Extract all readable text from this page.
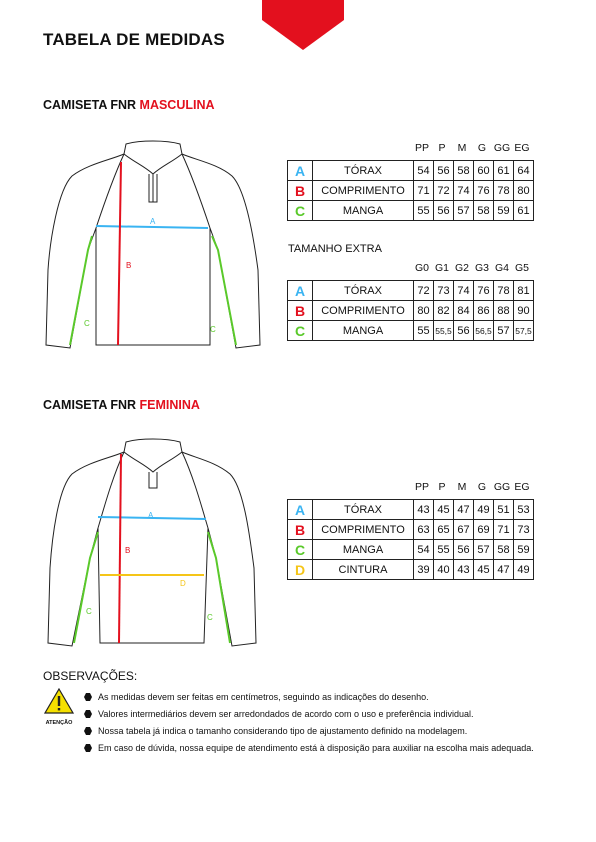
TABELA DE MEDIDAS
CAMISETA FNR MASCULINA
A
B
C
C
PP P	M	G GG EG
A	TÓRAX	54	56	58	60	61	64
B	COMPRIMENTO	71	72	74	76	78	80
C	MANGA	55	56	57	58	59	61
TAMANHO EXTRA
G0 G1 G2 G3 G4 G5
A	TÓRAX	72	73	74	76	78	81
B	COMPRIMENTO	80	82	84	86	88	90
C	MANGA	55	55,5	56	56,5	57	57,5
CAMISETA FNR FEMININA
A
B
D
C
C
PP P	M	G GG EG
A	TÓRAX	43	45	47	49	51	53
B	COMPRIMENTO	63	65	67	69	71	73
C	MANGA	54	55	56	57	58	59
D	CINTURA	39	40	43	45	47	49
OBSERVAÇÕES:
ATENÇÃO
As medidas devem ser feitas em centímetros, seguindo as indicações do desenho.
Valores intermediários devem ser arredondados de acordo com o uso e preferência individual.
Nossa tabela já indica o tamanho considerando tipo de ajustamento definido na modelagem.
Em caso de dúvida, nossa equipe de atendimento está à disposição para auxiliar na escolha mais adequada.
